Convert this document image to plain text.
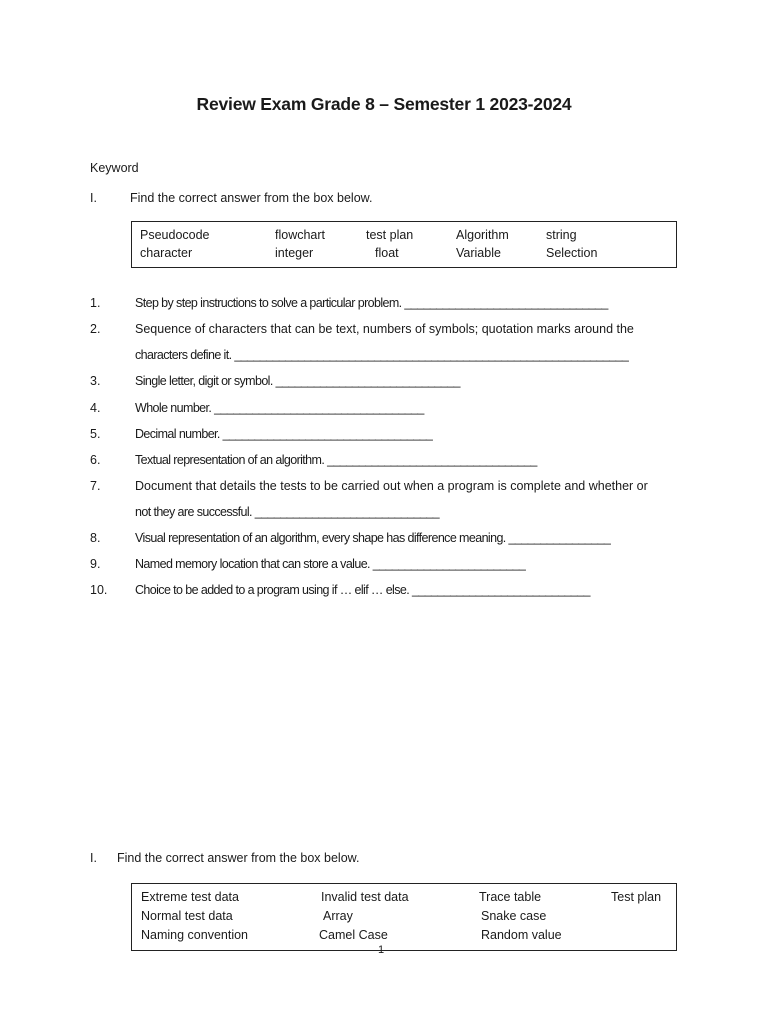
Review Exam Grade 8 – Semester 1 2023-2024
Keyword
I.	Find the correct answer from the box below.
Pseudocode	flowchart	test plan	Algorithm	string
character	integer	float	Variable	Selection
1.	Step by step instructions to solve a particular problem. ________________________________
2.	Sequence of characters that can be text, numbers of symbols; quotation marks around the
characters define it. ______________________________________________________________
3.	Single letter, digit or symbol. _____________________________
4.	Whole number. _________________________________
5.	Decimal number. _________________________________
6.	Textual representation of an algorithm. _________________________________
7.	Document that details the tests to be carried out when a program is complete and whether or
not they are successful. _____________________________
8.	Visual representation of an algorithm, every shape has difference meaning. ________________
9.	Named memory location that can store a value. ________________________
10. Choice to be added to a program using if … elif … else. ____________________________
I. Find the correct answer from the box below.
Extreme test data	Invalid test data	Trace table	Test plan
Normal test data	Array	Snake case
Naming convention	Camel Case	Random value
1
